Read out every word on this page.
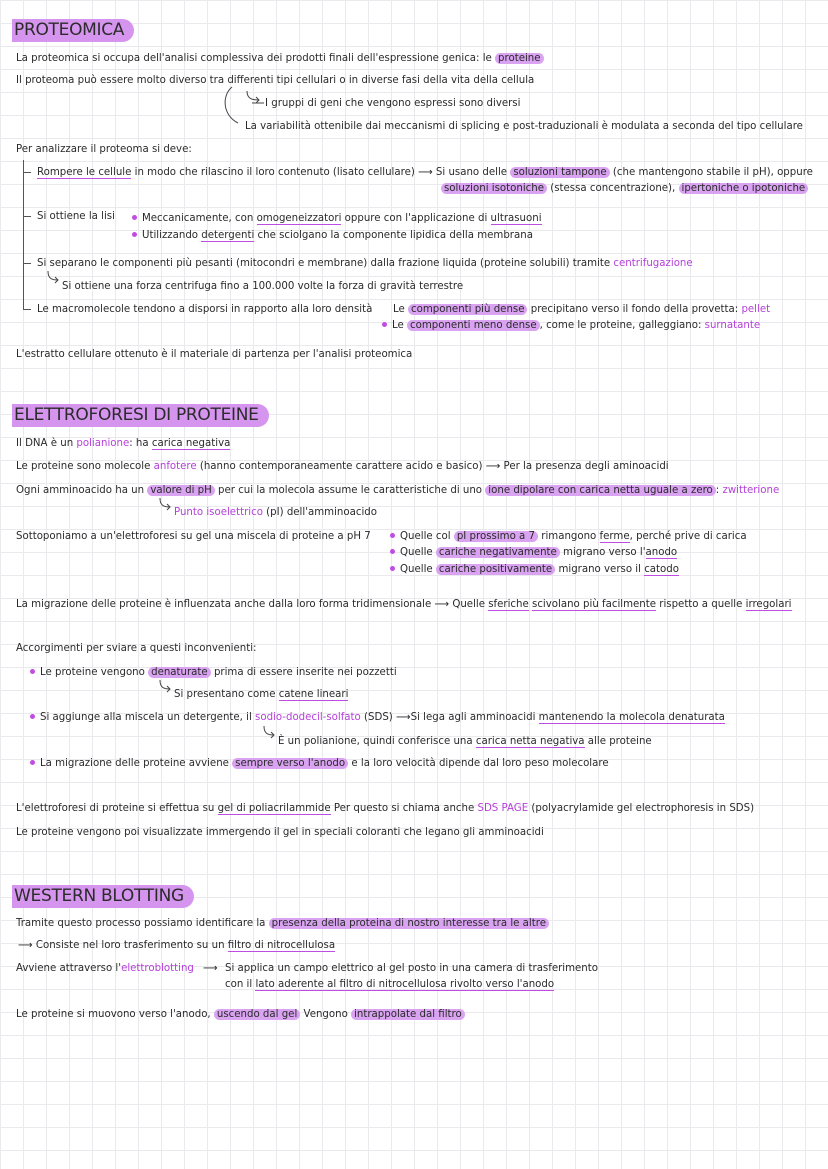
PROTEOMICA
La proteomica si occupa dell'analisi complessiva dei prodotti finali dell'espressione genica: le proteine
Il proteoma può essere molto diverso tra differenti tipi cellulari o in diverse fasi della vita della cellula
I gruppi di geni che vengono espressi sono diversi
La variabilità ottenibile dai meccanismi di splicing e post-traduzionali è modulata a seconda del tipo cellulare
Per analizzare il proteoma si deve:
Rompere le cellule in modo che rilascino il loro contenuto (lisato cellulare) ⟶ Si usano delle soluzioni tampone (che mantengono stabile il pH), oppure
soluzioni isotoniche (stessa concentrazione), ipertoniche o ipotoniche
Si ottiene la lisi	Meccanicamente, con omogeneizzatori oppure con l'applicazione di ultrasuoni
Utilizzando detergenti che sciolgano la componente lipidica della membrana
Si separano le componenti più pesanti (mitocondri e membrane) dalla frazione liquida (proteine solubili) tramite centrifugazione
Si ottiene una forza centrifuga fino a 100.000 volte la forza di gravità terrestre
Le macromolecole tendono a disporsi in rapporto alla loro densità Le componenti più dense precipitano verso il fondo della provetta: pellet
Le componenti meno dense , come le proteine, galleggiano: surnatante
L'estratto cellulare ottenuto è il materiale di partenza per l'analisi proteomica
ELETTROFORESI DI PROTEINE
Il DNA è un polianione: ha carica negativa
Le proteine sono molecole anfotere (hanno contemporaneamente carattere acido e basico) ⟶ Per la presenza degli aminoacidi
Ogni amminoacido ha un valore di pH per cui la molecola assume le caratteristiche di uno ione dipolare con carica netta uguale a zero : zwitterione
Punto isoelettrico (pI) dell'amminoacido
Sottoponiamo a un'elettroforesi su gel una miscela di proteine a pH 7	Quelle col pI prossimo a 7 rimangono ferme, perché prive di carica
Quelle cariche negativamente migrano verso l'anodo
Quelle cariche positivamente migrano verso il catodo
La migrazione delle proteine è influenzata anche dalla loro forma tridimensionale ⟶ Quelle sferiche scivolano più facilmente rispetto a quelle irregolari
Accorgimenti per sviare a questi inconvenienti:
Le proteine vengono denaturate prima di essere inserite nei pozzetti
Si presentano come catene lineari
Si aggiunge alla miscela un detergente, il sodio-dodecil-solfato (SDS) ⟶Si lega agli amminoacidi mantenendo la molecola denaturata
È un polianione, quindi conferisce una carica netta negativa alle proteine
La migrazione delle proteine avviene sempre verso l'anodo e la loro velocità dipende dal loro peso molecolare
L'elettroforesi di proteine si effettua su gel di poliacrilammide Per questo si chiama anche SDS PAGE (polyacrylamide gel electrophoresis in SDS)
Le proteine vengono poi visualizzate immergendo il gel in speciali coloranti che legano gli amminoacidi
WESTERN BLOTTING
Tramite questo processo possiamo identificare la presenza della proteina di nostro interesse tra le altre
⟶ Consiste nel loro trasferimento su un filtro di nitrocellulosa
Avviene attraverso l'elettroblotting ⟶ Si applica un campo elettrico al gel posto in una camera di trasferimento
con il lato aderente al filtro di nitrocellulosa rivolto verso l'anodo
Le proteine si muovono verso l'anodo, uscendo dal gel Vengono intrappolate dal filtro
